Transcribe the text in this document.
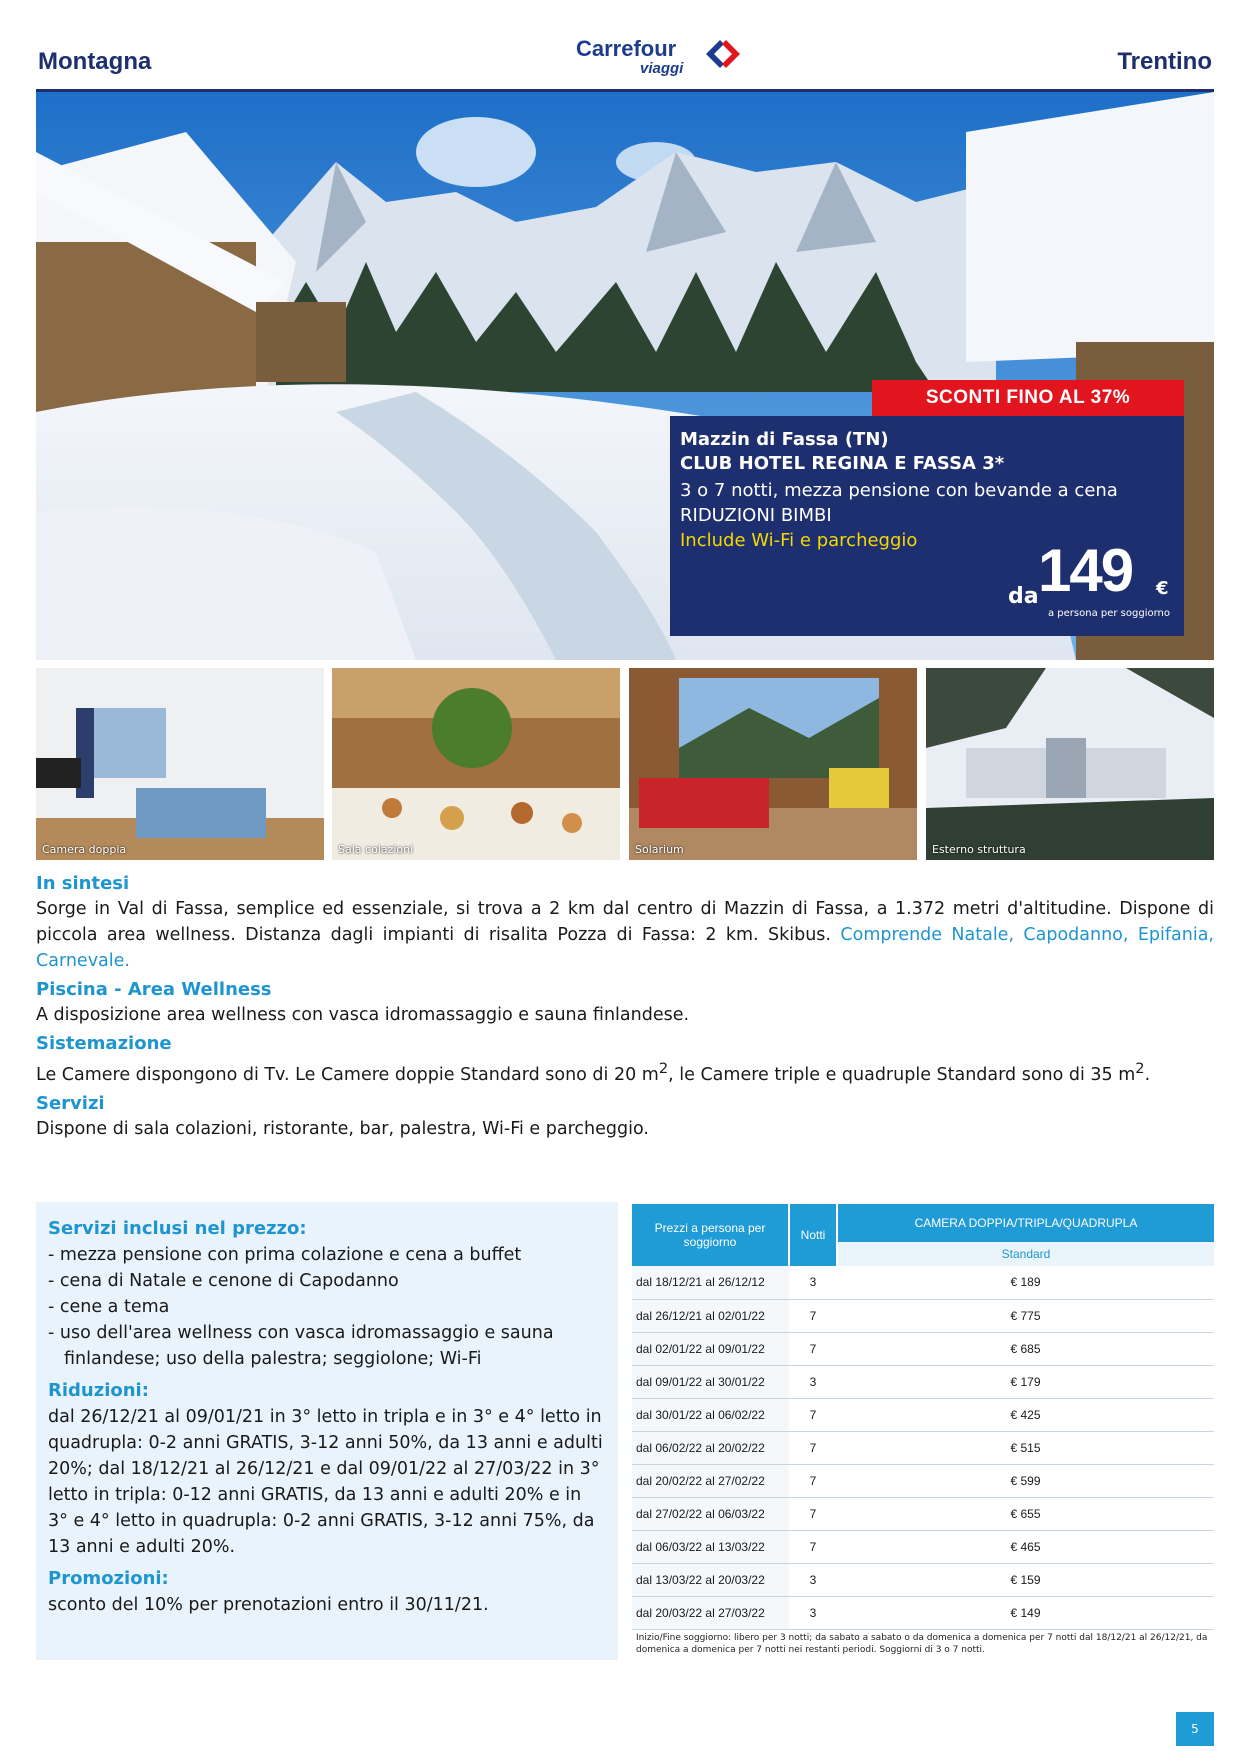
Montagna	Carrefour
viaggi	Trentino
SCONTI FINO AL 37%
Mazzin di Fassa (TN)
CLUB HOTEL REGINA E FASSA 3*
3 o 7 notti, mezza pensione con bevande a cena
RIDUZIONI BIMBI
Include Wi-Fi e parcheggio
da 149 €
a persona per soggiorno
Camera doppia	Sala colazioni	Solarium	Esterno struttura
In sintesi
Sorge in Val di Fassa, semplice ed essenziale, si trova a 2 km dal centro di Mazzin di Fassa, a 1.372 metri d'altitudine. Dispone di piccola area wellness. Distanza dagli impianti di risalita Pozza di Fassa: 2 km. Skibus. Comprende Natale, Capodanno, Epifania, Carnevale.
Piscina - Area Wellness
A disposizione area wellness con vasca idromassaggio e sauna finlandese.
Sistemazione
Le Camere dispongono di Tv. Le Camere doppie Standard sono di 20 $m^2$, le Camere triple e quadruple Standard sono di 35 $m^2$.
Servizi
Dispone di sala colazioni, ristorante, bar, palestra, Wi-Fi e parcheggio.
Servizi inclusi nel prezzo:
- mezza pensione con prima colazione e cena a buffet
- cena di Natale e cenone di Capodanno
- cene a tema
- uso dell'area wellness con vasca idromassaggio e sauna finlandese; uso della palestra; seggiolone; Wi-Fi
Riduzioni:
dal 26/12/21 al 09/01/21 in 3° letto in tripla e in 3° e 4° letto in quadrupla: 0-2 anni GRATIS, 3-12 anni 50%, da 13 anni e adulti 20%; dal 18/12/21 al 26/12/21 e dal 09/01/22 al 27/03/22 in 3° letto in tripla: 0-12 anni GRATIS, da 13 anni e adulti 20% e in 3° e 4° letto in quadrupla: 0-2 anni GRATIS, 3-12 anni 75%, da 13 anni e adulti 20%.
Promozioni:
sconto del 10% per prenotazioni entro il 30/11/21.
Prezzi a persona per soggiorno	Notti	CAMERA DOPPIA/TRIPLA/QUADRUPLA
		Standard
dal 18/12/21 al 26/12/12	3	€ 189
dal 26/12/21 al 02/01/22	7	€ 775
dal 02/01/22 al 09/01/22	7	€ 685
dal 09/01/22 al 30/01/22	3	€ 179
dal 30/01/22 al 06/02/22	7	€ 425
dal 06/02/22 al 20/02/22	7	€ 515
dal 20/02/22 al 27/02/22	7	€ 599
dal 27/02/22 al 06/03/22	7	€ 655
dal 06/03/22 al 13/03/22	7	€ 465
dal 13/03/22 al 20/03/22	3	€ 159
dal 20/03/22 al 27/03/22	3	€ 149
Inizio/Fine soggiorno: libero per 3 notti; da sabato a sabato o da domenica a domenica per 7 notti dal 18/12/21 al 26/12/21, da domenica a domenica per 7 notti nei restanti periodi. Soggiorni di 3 o 7 notti.
5
